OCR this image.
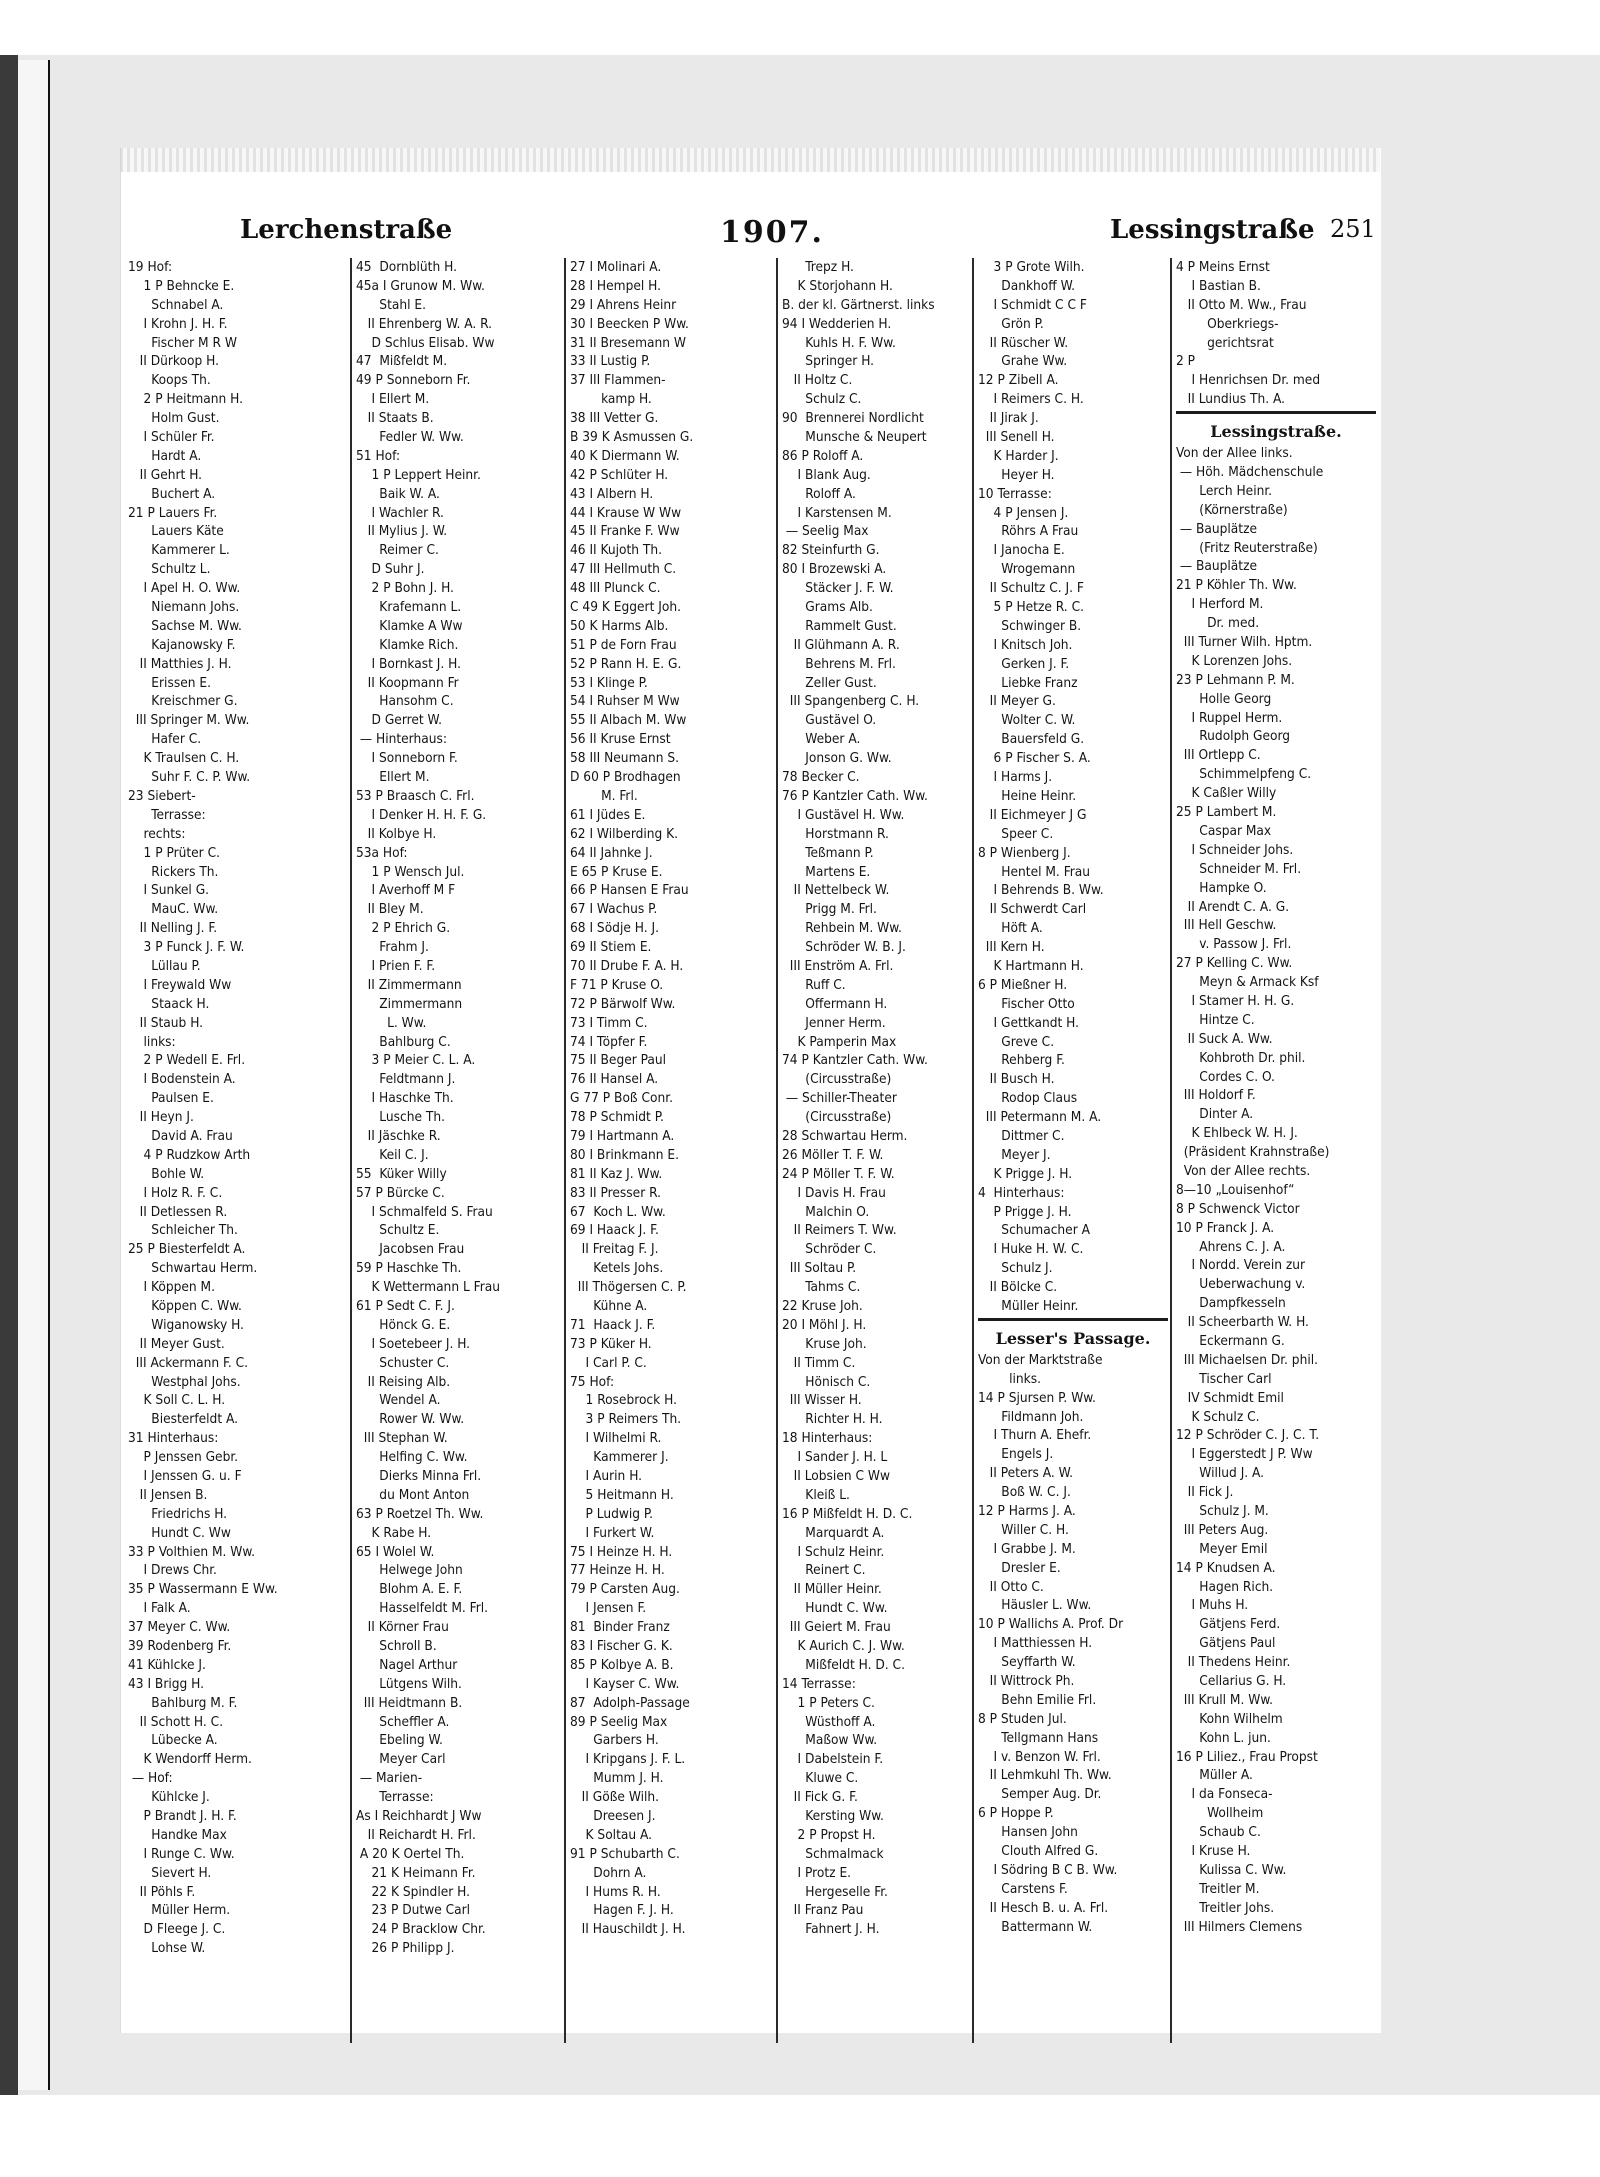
Lerchenstraße	1907.	Lessingstraße 251
19 Hof:
1 P Behncke E.
Schnabel A.
I Krohn J. H. F.
Fischer M R W
II Dürkoop H.
Koops Th.
2 P Heitmann H.
Holm Gust.
I Schüler Fr.
Hardt A.
II Gehrt H.
Buchert A.
21 P Lauers Fr.
Lauers Käte
Kammerer L.
Schultz L.
I Apel H. O. Ww.
Niemann Johs.
Sachse M. Ww.
Kajanowsky F.
II Matthies J. H.
Erissen E.
Kreischmer G.
III Springer M. Ww.
Hafer C.
K Traulsen C. H.
Suhr F. C. P. Ww.
23 Siebert-
Terrasse:
rechts:
1 P Prüter C.
Rickers Th.
I Sunkel G.
MauC. Ww.
II Nelling J. F.
3 P Funck J. F. W.
Lüllau P.
I Freywald Ww
Staack H.
II Staub H.
links:
2 P Wedell E. Frl.
I Bodenstein A.
Paulsen E.
II Heyn J.
David A. Frau
4 P Rudzkow Arth
Bohle W.
I Holz R. F. C.
II Detlessen R.
Schleicher Th.
25 P Biesterfeldt A.
Schwartau Herm.
I Köppen M.
Köppen C. Ww.
Wiganowsky H.
II Meyer Gust.
III Ackermann F. C.
Westphal Johs.
K Soll C. L. H.
Biesterfeldt A.
31 Hinterhaus:
P Jenssen Gebr.
I Jenssen G. u. F
II Jensen B.
Friedrichs H.
Hundt C. Ww
33 P Volthien M. Ww.
I Drews Chr.
35 P Wassermann E Ww.
I Falk A.
37 Meyer C. Ww.
39 Rodenberg Fr.
41 Kühlcke J.
43 I Brigg H.
Bahlburg M. F.
II Schott H. C.
Lübecke A.
K Wendorff Herm.
— Hof:
Kühlcke J.
P Brandt J. H. F.
Handke Max
I Runge C. Ww.
Sievert H.
II Pöhls F.
Müller Herm.
D Fleege J. C.
Lohse W.
45  Dornblüth H.
45a I Grunow M. Ww.
Stahl E.
II Ehrenberg W. A. R.
D Schlus Elisab. Ww
47  Mißfeldt M.
49 P Sonneborn Fr.
I Ellert M.
II Staats B.
Fedler W. Ww.
51 Hof:
1 P Leppert Heinr.
Baik W. A.
I Wachler R.
II Mylius J. W.
Reimer C.
D Suhr J.
2 P Bohn J. H.
Krafemann L.
Klamke A Ww
Klamke Rich.
I Bornkast J. H.
II Koopmann Fr
Hansohm C.
D Gerret W.
— Hinterhaus:
I Sonneborn F.
Ellert M.
53 P Braasch C. Frl.
I Denker H. H. F. G.
II Kolbye H.
53a Hof:
1 P Wensch Jul.
I Averhoff M F
II Bley M.
2 P Ehrich G.
Frahm J.
I Prien F. F.
II Zimmermann
Zimmermann
L. Ww.
Bahlburg C.
3 P Meier C. L. A.
Feldtmann J.
I Haschke Th.
Lusche Th.
II Jäschke R.
Keil C. J.
55  Küker Willy
57 P Bürcke C.
I Schmalfeld S. Frau
Schultz E.
Jacobsen Frau
59 P Haschke Th.
K Wettermann L Frau
61 P Sedt C. F. J.
Hönck G. E.
I Soetebeer J. H.
Schuster C.
II Reising Alb.
Wendel A.
Rower W. Ww.
III Stephan W.
Helfing C. Ww.
Dierks Minna Frl.
du Mont Anton
63 P Roetzel Th. Ww.
K Rabe H.
65 I Wolel W.
Helwege John
Blohm A. E. F.
Hasselfeldt M. Frl.
II Körner Frau
Schroll B.
Nagel Arthur
Lütgens Wilh.
III Heidtmann B.
Scheffler A.
Ebeling W.
Meyer Carl
— Marien-
Terrasse:
As I Reichhardt J Ww
II Reichardt H. Frl.
A 20 K Oertel Th.
21 K Heimann Fr.
22 K Spindler H.
23 P Dutwe Carl
24 P Bracklow Chr.
26 P Philipp J.
27 I Molinari A.
28 I Hempel H.
29 I Ahrens Heinr
30 I Beecken P Ww.
31 II Bresemann W
33 II Lustig P.
37 III Flammen-
kamp H.
38 III Vetter G.
B 39 K Asmussen G.
40 K Diermann W.
42 P Schlüter H.
43 I Albern H.
44 I Krause W Ww
45 II Franke F. Ww
46 II Kujoth Th.
47 III Hellmuth C.
48 III Plunck C.
C 49 K Eggert Joh.
50 K Harms Alb.
51 P de Forn Frau
52 P Rann H. E. G.
53 I Klinge P.
54 I Ruhser M Ww
55 II Albach M. Ww
56 II Kruse Ernst
58 III Neumann S.
D 60 P Brodhagen
M. Frl.
61 I Jüdes E.
62 I Wilberding K.
64 II Jahnke J.
E 65 P Kruse E.
66 P Hansen E Frau
67 I Wachus P.
68 I Södje H. J.
69 II Stiem E.
70 II Drube F. A. H.
F 71 P Kruse O.
72 P Bärwolf Ww.
73 I Timm C.
74 I Töpfer F.
75 II Beger Paul
76 II Hansel A.
G 77 P Boß Conr.
78 P Schmidt P.
79 I Hartmann A.
80 I Brinkmann E.
81 II Kaz J. Ww.
83 II Presser R.
67  Koch L. Ww.
69 I Haack J. F.
II Freitag F. J.
Ketels Johs.
III Thögersen C. P.
Kühne A.
71  Haack J. F.
73 P Küker H.
I Carl P. C.
75 Hof:
1 Rosebrock H.
3 P Reimers Th.
I Wilhelmi R.
Kammerer J.
I Aurin H.
5 Heitmann H.
P Ludwig P.
I Furkert W.
75 I Heinze H. H.
77 Heinze H. H.
79 P Carsten Aug.
I Jensen F.
81  Binder Franz
83 I Fischer G. K.
85 P Kolbye A. B.
I Kayser C. Ww.
87  Adolph-Passage
89 P Seelig Max
Garbers H.
I Kripgans J. F. L.
Mumm J. H.
II Göße Wilh.
Dreesen J.
K Soltau A.
91 P Schubarth C.
Dohrn A.
I Hums R. H.
Hagen F. J. H.
II Hauschildt J. H.
Trepz H.
K Storjohann H.
B. der kl. Gärtnerst. links
94 I Wedderien H.
Kuhls H. F. Ww.
Springer H.
II Holtz C.
Schulz C.
90  Brennerei Nordlicht
Munsche & Neupert
86 P Roloff A.
I Blank Aug.
Roloff A.
I Karstensen M.
— Seelig Max
82 Steinfurth G.
80 I Brozewski A.
Stäcker J. F. W.
Grams Alb.
Rammelt Gust.
II Glühmann A. R.
Behrens M. Frl.
Zeller Gust.
III Spangenberg C. H.
Gustävel O.
Weber A.
Jonson G. Ww.
78 Becker C.
76 P Kantzler Cath. Ww.
I Gustävel H. Ww.
Horstmann R.
Teßmann P.
Martens E.
II Nettelbeck W.
Prigg M. Frl.
Rehbein M. Ww.
Schröder W. B. J.
III Enström A. Frl.
Ruff C.
Offermann H.
Jenner Herm.
K Pamperin Max
74 P Kantzler Cath. Ww.
(Circusstraße)
— Schiller-Theater
(Circusstraße)
28 Schwartau Herm.
26 Möller T. F. W.
24 P Möller T. F. W.
I Davis H. Frau
Malchin O.
II Reimers T. Ww.
Schröder C.
III Soltau P.
Tahms C.
22 Kruse Joh.
20 I Möhl J. H.
Kruse Joh.
II Timm C.
Hönisch C.
III Wisser H.
Richter H. H.
18 Hinterhaus:
I Sander J. H. L
II Lobsien C Ww
Kleiß L.
16 P Mißfeldt H. D. C.
Marquardt A.
I Schulz Heinr.
Reinert C.
II Müller Heinr.
Hundt C. Ww.
III Geiert M. Frau
K Aurich C. J. Ww.
Mißfeldt H. D. C.
14 Terrasse:
1 P Peters C.
Wüsthoff A.
Maßow Ww.
I Dabelstein F.
Kluwe C.
II Fick G. F.
Kersting Ww.
2 P Propst H.
Schmalmack
I Protz E.
Hergeselle Fr.
II Franz Pau
Fahnert J. H.
3 P Grote Wilh.
Dankhoff W.
I Schmidt C C F
Grön P.
II Rüscher W.
Grahe Ww.
12 P Zibell A.
I Reimers C. H.
II Jirak J.
III Senell H.
K Harder J.
Heyer H.
10 Terrasse:
4 P Jensen J.
Röhrs A Frau
I Janocha E.
Wrogemann
II Schultz C. J. F
5 P Hetze R. C.
Schwinger B.
I Knitsch Joh.
Gerken J. F.
Liebke Franz
II Meyer G.
Wolter C. W.
Bauersfeld G.
6 P Fischer S. A.
I Harms J.
Heine Heinr.
II Eichmeyer J G
Speer C.
8 P Wienberg J.
Hentel M. Frau
I Behrends B. Ww.
II Schwerdt Carl
Höft A.
III Kern H.
K Hartmann H.
6 P Mießner H.
Fischer Otto
I Gettkandt H.
Greve C.
Rehberg F.
II Busch H.
Rodop Claus
III Petermann M. A.
Dittmer C.
Meyer J.
K Prigge J. H.
4  Hinterhaus:
P Prigge J. H.
Schumacher A
I Huke H. W. C.
Schulz J.
II Bölcke C.
Müller Heinr.
Lesser's Passage.
Von der Marktstraße
links.
14 P Sjursen P. Ww.
Fildmann Joh.
I Thurn A. Ehefr.
Engels J.
II Peters A. W.
Boß W. C. J.
12 P Harms J. A.
Willer C. H.
I Grabbe J. M.
Dresler E.
II Otto C.
Häusler L. Ww.
10 P Wallichs A. Prof. Dr
I Matthiessen H.
Seyffarth W.
II Wittrock Ph.
Behn Emilie Frl.
8 P Studen Jul.
Tellgmann Hans
I v. Benzon W. Frl.
II Lehmkuhl Th. Ww.
Semper Aug. Dr.
6 P Hoppe P.
Hansen John
Clouth Alfred G.
I Södring B C B. Ww.
Carstens F.
II Hesch B. u. A. Frl.
Battermann W.
4 P Meins Ernst
I Bastian B.
II Otto M. Ww., Frau
Oberkriegs-
gerichtsrat
2 P
I Henrichsen Dr. med
II Lundius Th. A.
Lessingstraße.
Von der Allee links.
— Höh. Mädchenschule
Lerch Heinr.
(Körnerstraße)
— Bauplätze
(Fritz Reuterstraße)
— Bauplätze
21 P Köhler Th. Ww.
I Herford M.
Dr. med.
III Turner Wilh. Hptm.
K Lorenzen Johs.
23 P Lehmann P. M.
Holle Georg
I Ruppel Herm.
Rudolph Georg
III Ortlepp C.
Schimmelpfeng C.
K Caßler Willy
25 P Lambert M.
Caspar Max
I Schneider Johs.
Schneider M. Frl.
Hampke O.
II Arendt C. A. G.
III Hell Geschw.
v. Passow J. Frl.
27 P Kelling C. Ww.
Meyn & Armack Ksf
I Stamer H. H. G.
Hintze C.
II Suck A. Ww.
Kohbroth Dr. phil.
Cordes C. O.
III Holdorf F.
Dinter A.
K Ehlbeck W. H. J.
(Präsident Krahnstraße)
Von der Allee rechts.
8—10 „Louisenhof“
8 P Schwenck Victor
10 P Franck J. A.
Ahrens C. J. A.
I Nordd. Verein zur
Ueberwachung v.
Dampfkesseln
II Scheerbarth W. H.
Eckermann G.
III Michaelsen Dr. phil.
Tischer Carl
IV Schmidt Emil
K Schulz C.
12 P Schröder C. J. C. T.
I Eggerstedt J P. Ww
Willud J. A.
II Fick J.
Schulz J. M.
III Peters Aug.
Meyer Emil
14 P Knudsen A.
Hagen Rich.
I Muhs H.
Gätjens Ferd.
Gätjens Paul
II Thedens Heinr.
Cellarius G. H.
III Krull M. Ww.
Kohn Wilhelm
Kohn L. jun.
16 P Liliez., Frau Propst
Müller A.
I da Fonseca-
Wollheim
Schaub C.
I Kruse H.
Kulissa C. Ww.
Treitler M.
Treitler Johs.
III Hilmers Clemens
